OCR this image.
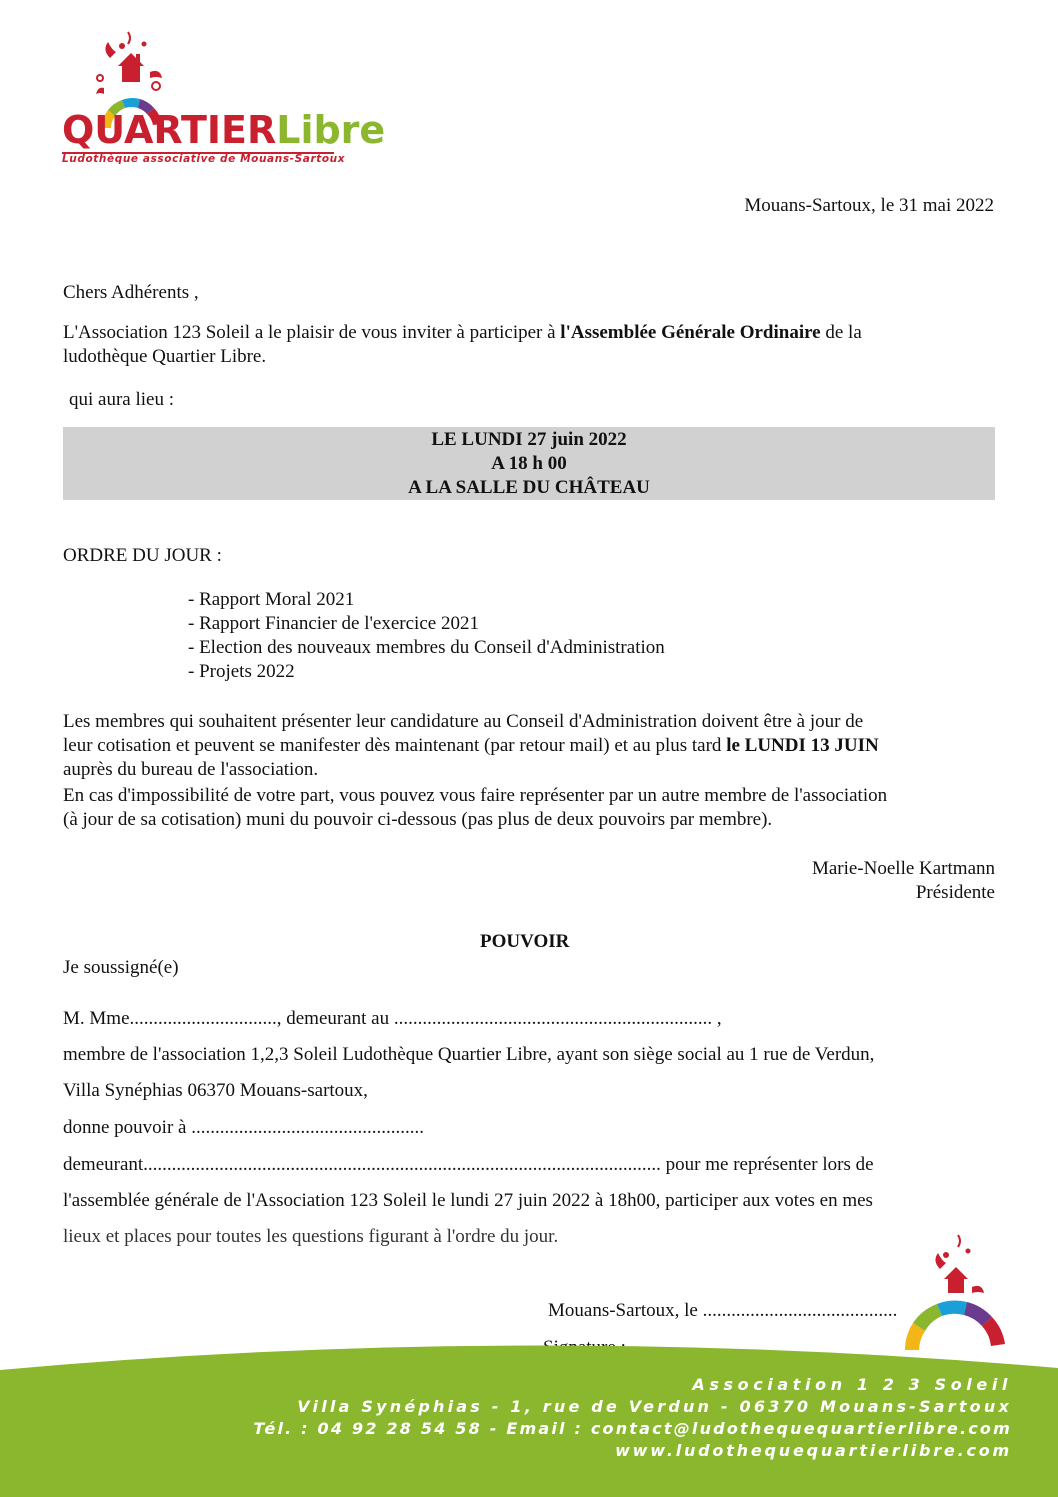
QUARTIERLibre
Ludothèque associative de Mouans-Sartoux
Mouans-Sartoux, le 31 mai 2022
Chers Adhérents ,
L'Association 123 Soleil a le plaisir de vous inviter à participer à l'Assemblée Générale Ordinaire de la
ludothèque Quartier Libre.
qui aura lieu :
LE LUNDI 27 juin 2022
A 18 h 00
A LA SALLE DU CHÂTEAU
ORDRE DU JOUR :
- Rapport Moral 2021
- Rapport Financier de l'exercice 2021
- Election des nouveaux membres du Conseil d'Administration
- Projets 2022
Les membres qui souhaitent présenter leur candidature au Conseil d'Administration doivent être à jour de
leur cotisation et peuvent se manifester dès maintenant (par retour mail) et au plus tard le LUNDI 13 JUIN
auprès du bureau de l'association.
En cas d'impossibilité de votre part, vous pouvez vous faire représenter par un autre membre de l'association
(à jour de sa cotisation) muni du pouvoir ci-dessous (pas plus de deux pouvoirs par membre).
Marie-Noelle Kartmann
Présidente
POUVOIR
Je soussigné(e)
M. Mme..............................., demeurant au ................................................................... ,
membre de l'association 1,2,3 Soleil Ludothèque Quartier Libre, ayant son siège social au 1 rue de Verdun,
Villa Synéphias 06370 Mouans-sartoux,
donne pouvoir à .................................................
demeurant............................................................................................................. pour me représenter lors de
l'assemblée générale de l'Association 123 Soleil le lundi 27 juin 2022 à 18h00, participer aux votes en mes
lieux et places pour toutes les questions figurant à l'ordre du jour.
Mouans-Sartoux, le .........................................
Association 1 2 3 Soleil
Villa Synéphias - 1, rue de Verdun - 06370 Mouans-Sartoux
Tél. : 04 92 28 54 58 - Email : contact@ludothequequartierlibre.com
www.ludothequequartierlibre.com
